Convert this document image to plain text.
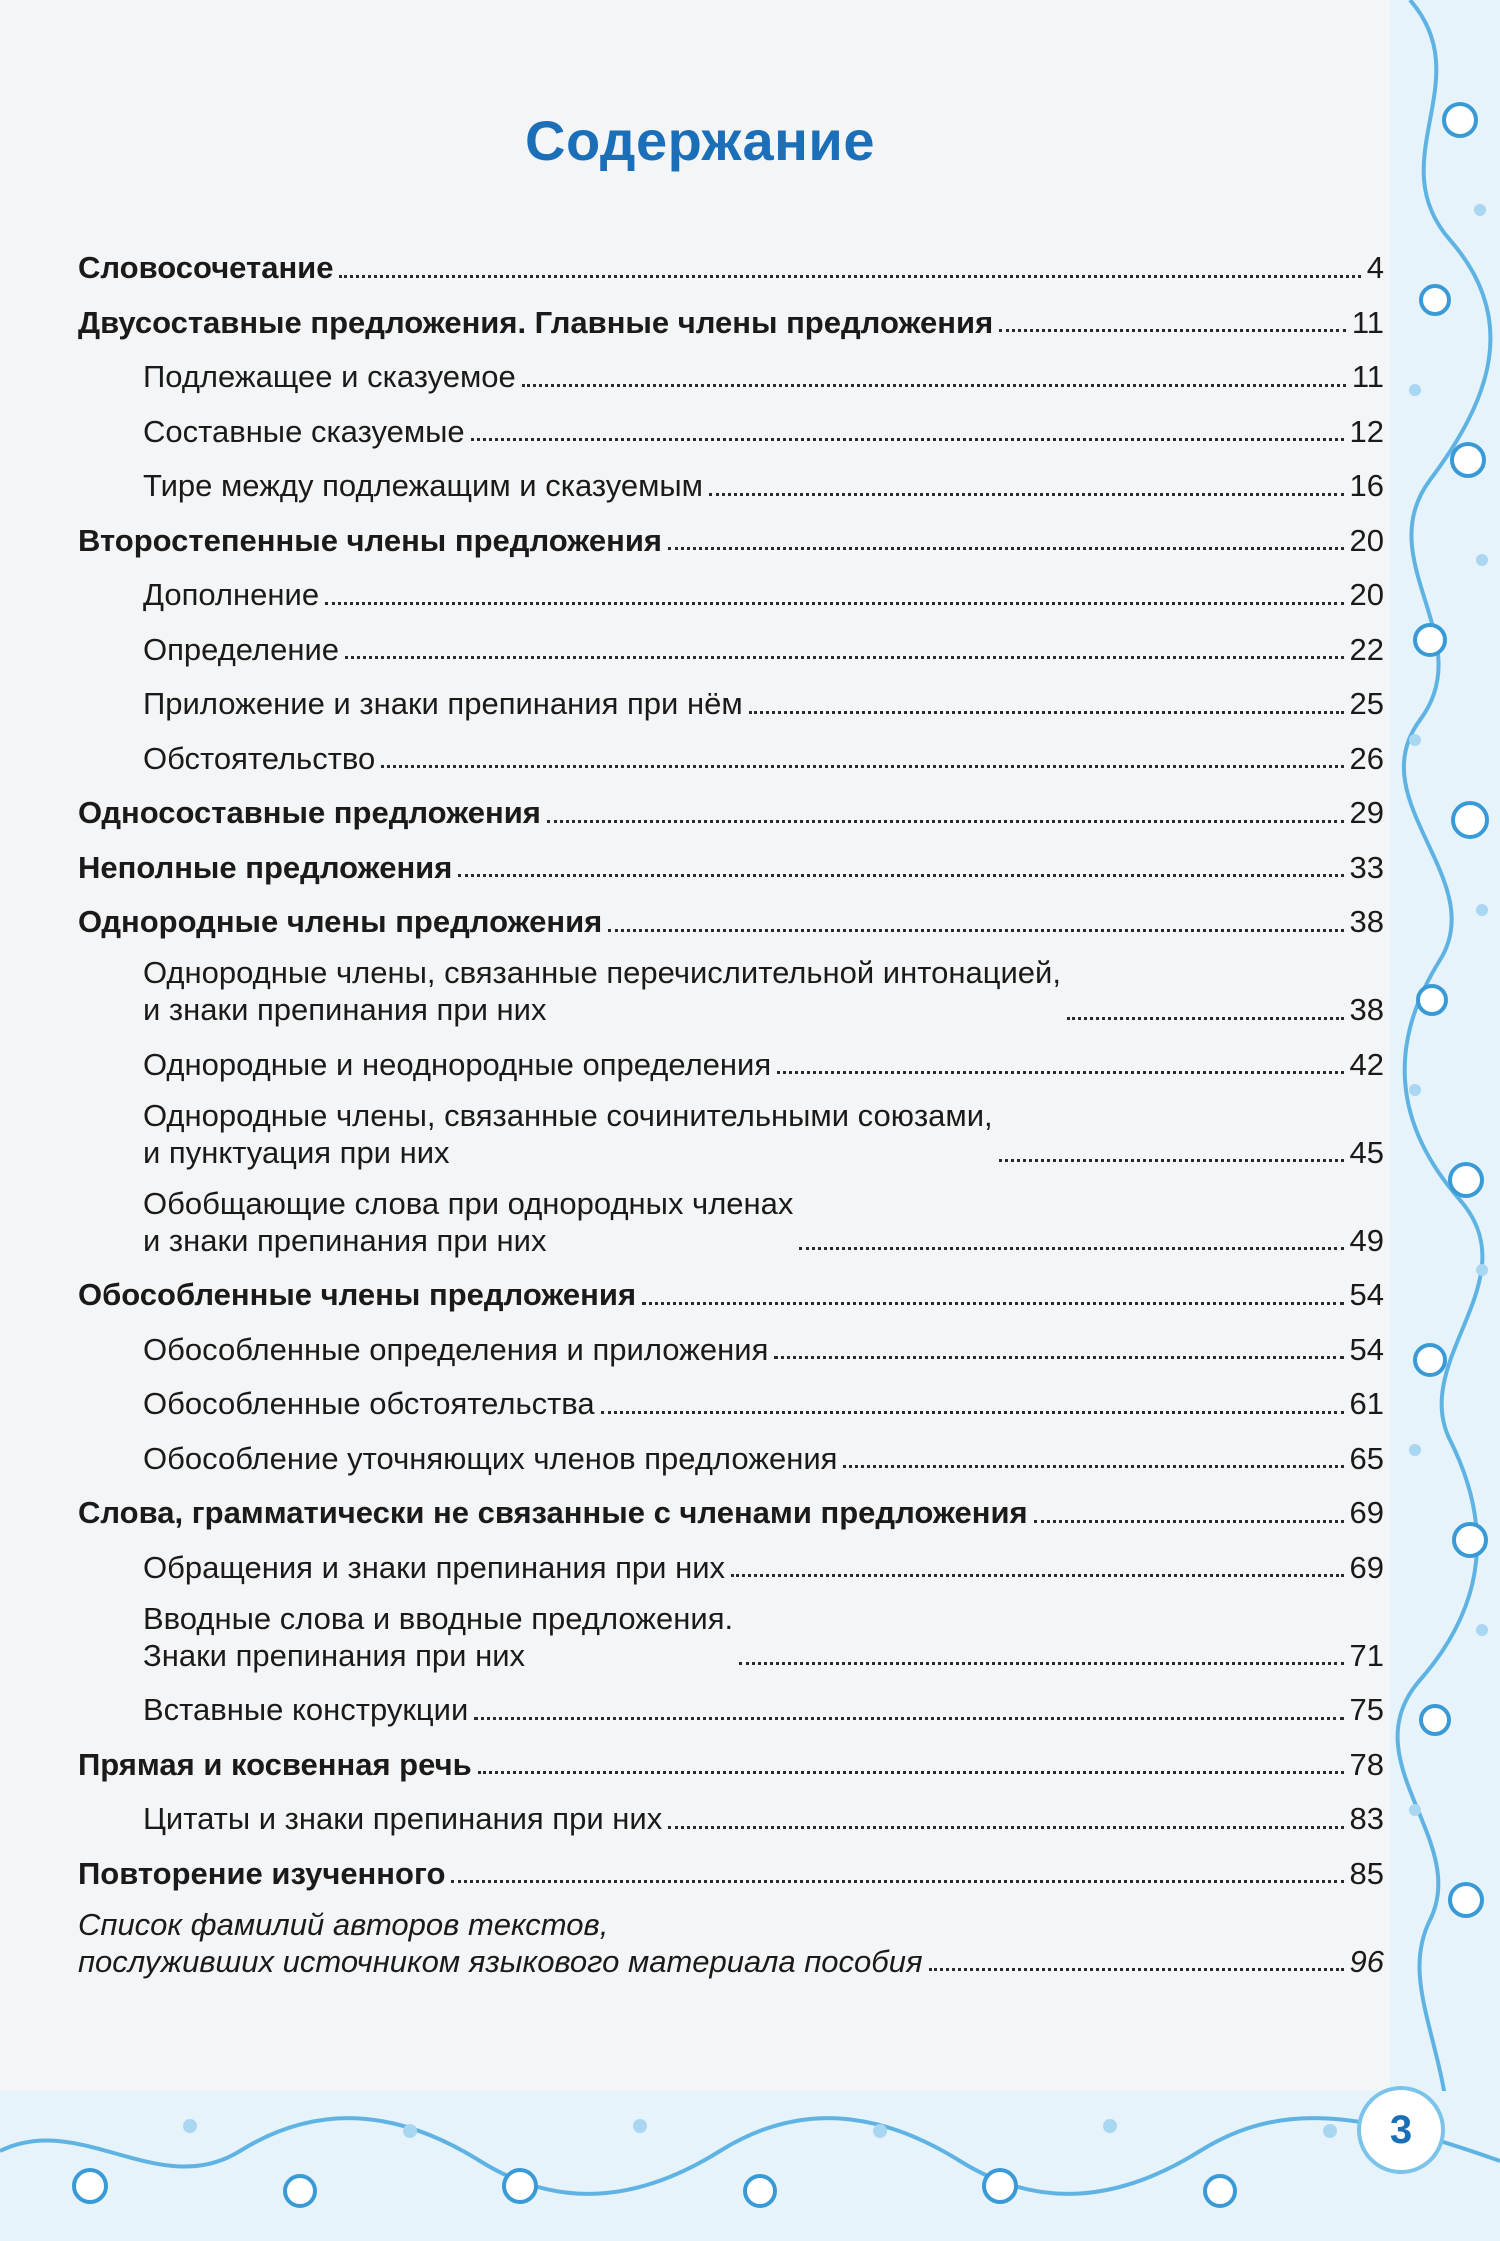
Содержание
Словосочетание	4
Двусоставные предложения. Главные члены предложения	11
Подлежащее и сказуемое	11
Составные сказуемые	12
Тире между подлежащим и сказуемым	16
Второстепенные члены предложения	20
Дополнение	20
Определение	22
Приложение и знаки препинания при нём	25
Обстоятельство	26
Односоставные предложения	29
Неполные предложения	33
Однородные члены предложения	38
Однородные члены, связанные перечислительной интонацией,
и знаки препинания при них	38
Однородные и неоднородные определения	42
Однородные члены, связанные сочинительными союзами,
и пунктуация при них	45
Обобщающие слова при однородных членах
и знаки препинания при них	49
Обособленные члены предложения	54
Обособленные определения и приложения	54
Обособленные обстоятельства	61
Обособление уточняющих членов предложения	65
Слова, грамматически не связанные с членами предложения	69
Обращения и знаки препинания при них	69
Вводные слова и вводные предложения.
Знаки препинания при них	71
Вставные конструкции	75
Прямая и косвенная речь	78
Цитаты и знаки препинания при них	83
Повторение изученного	85
Список фамилий авторов текстов,
послуживших источником языкового материала пособия	96
3
